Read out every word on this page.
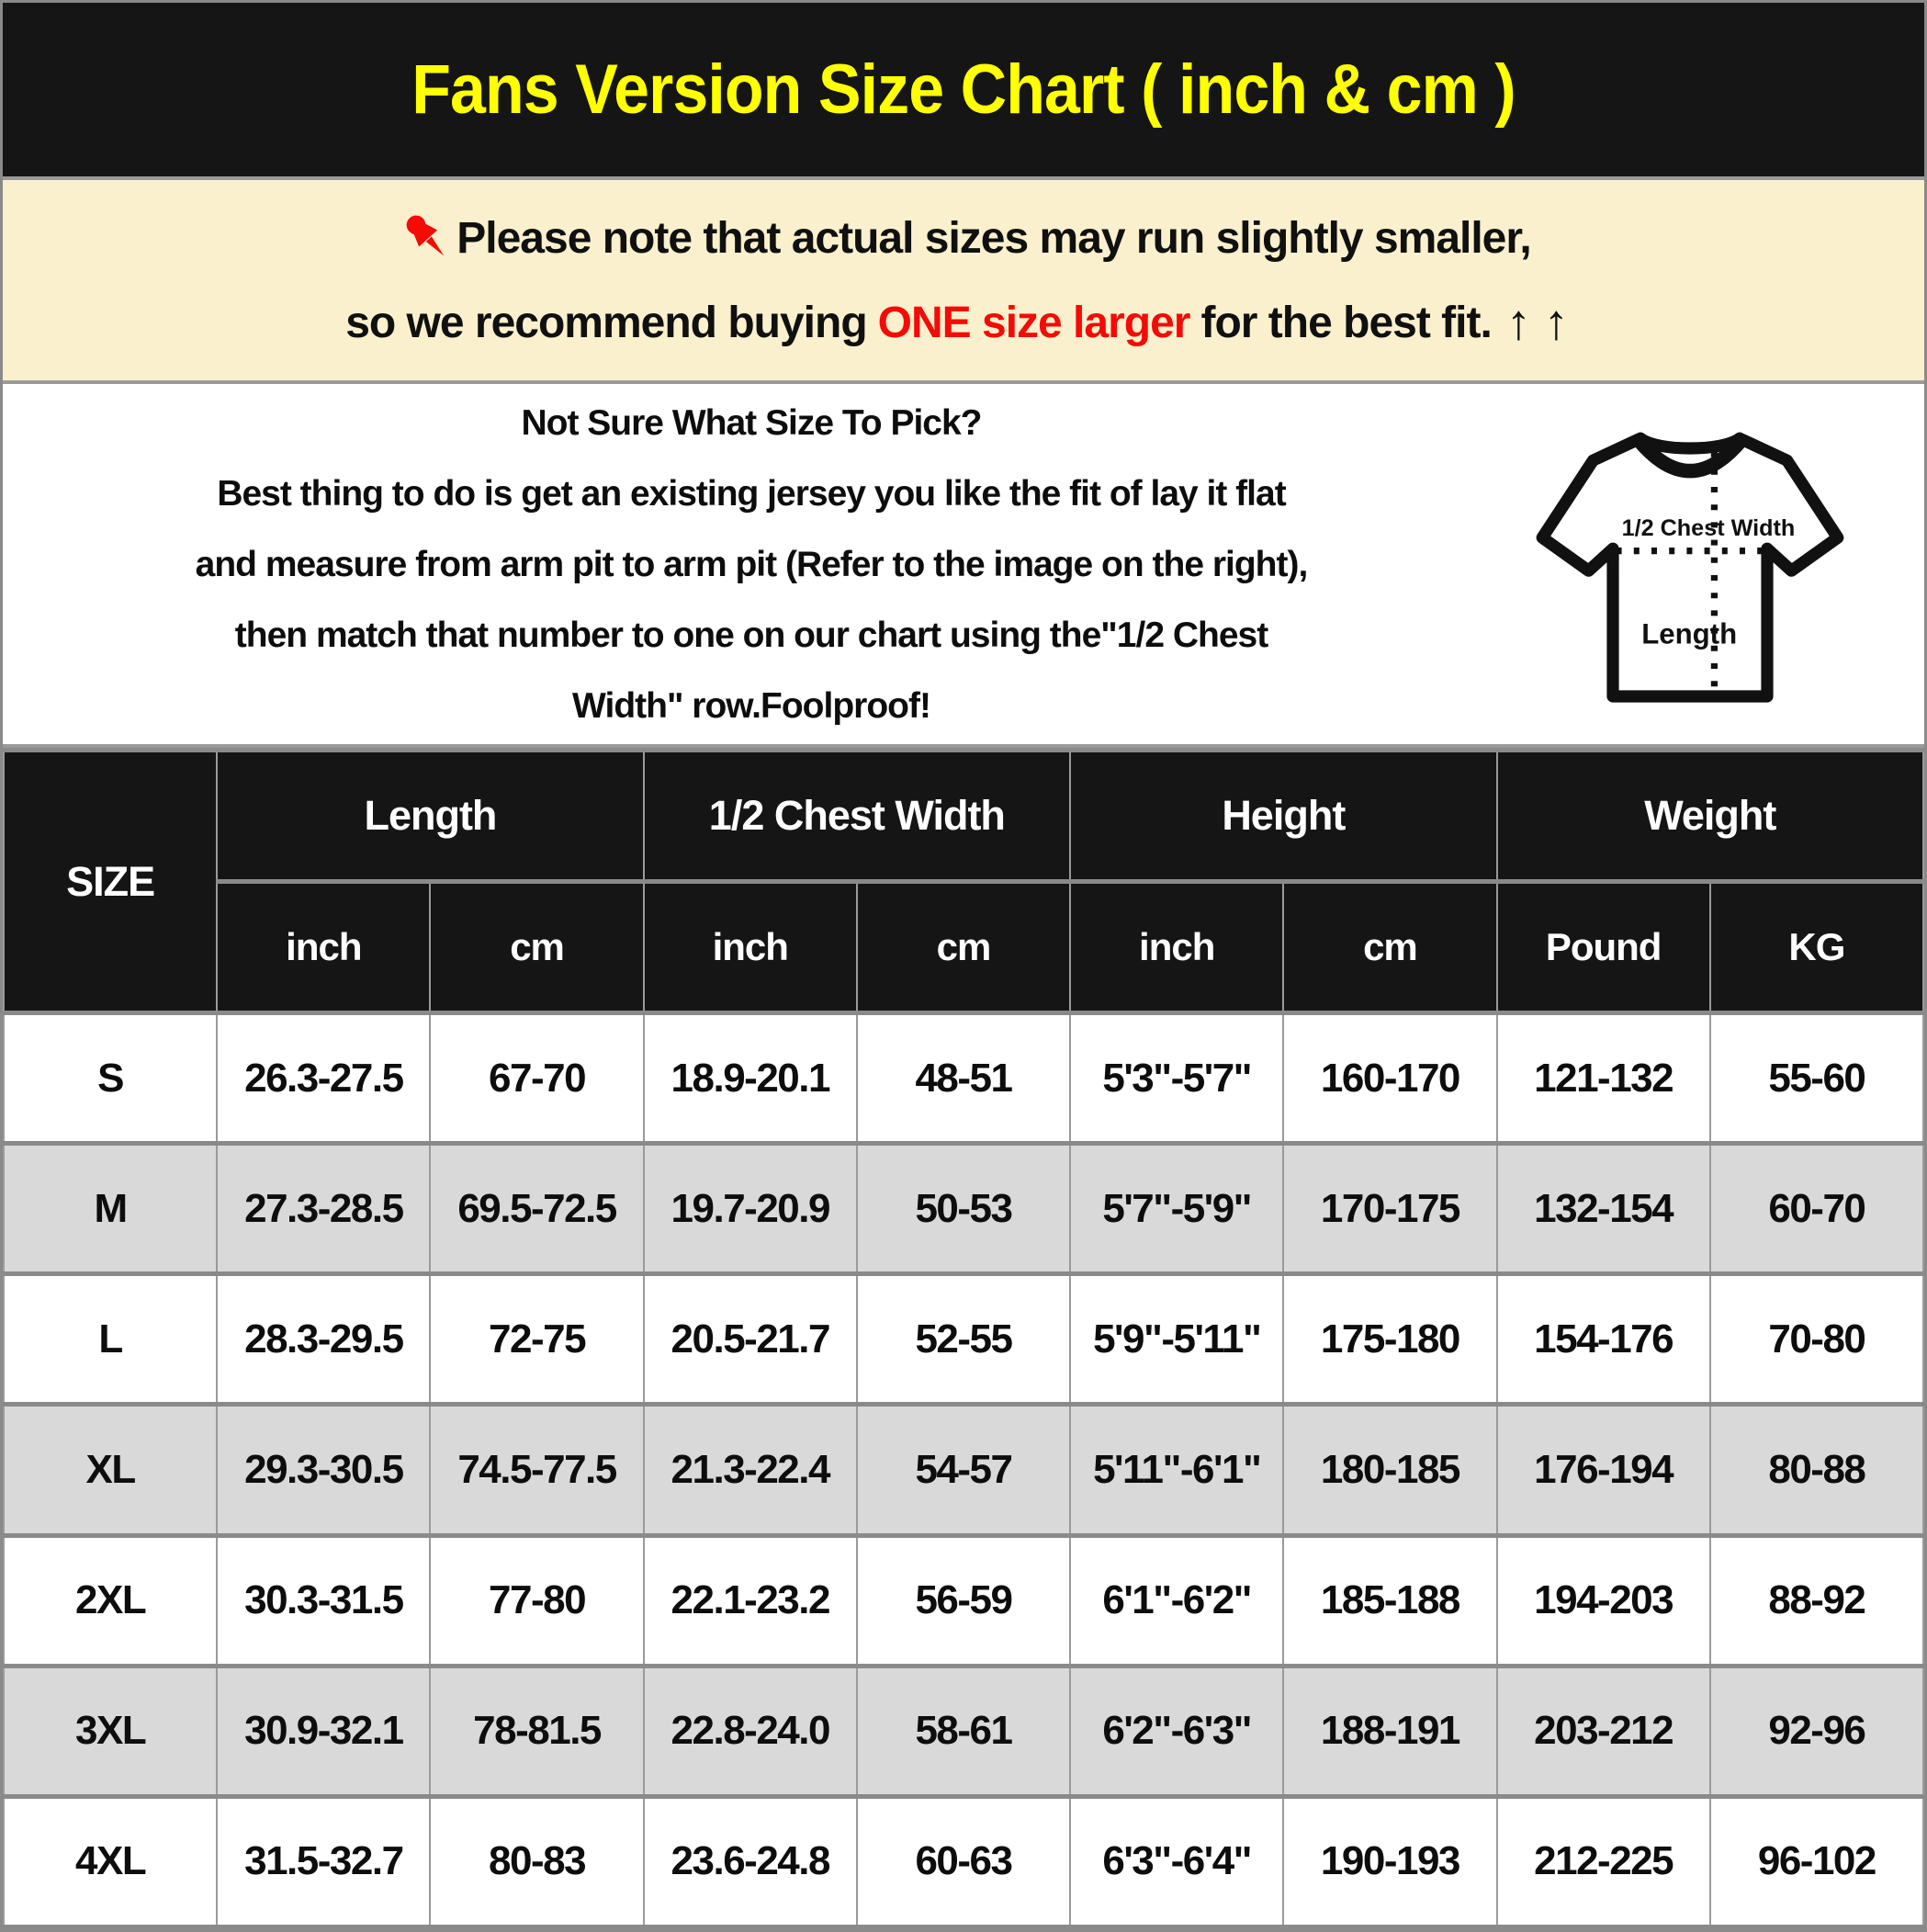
Fans Version Size Chart ( inch & cm )
Please note that actual sizes may run slightly smaller,
so we recommend buying ONE size larger for the best fit. ↑↑
Not Sure What Size To Pick?
Best thing to do is get an existing jersey you like the fit of lay it flat
and measure from arm pit to arm pit (Refer to the image on the right),
then match that number to one on our chart using the"1/2 Chest
Width" row.Foolproof!
1/2 Chest Width
Length
SIZE	Length		1/2 Chest Width		Height		Weight	
	inch	cm	inch	cm	inch	cm	Pound	KG
S	26.3-27.5	67-70	18.9-20.1	48-51	5'3"-5'7"	160-170	121-132	55-60
M	27.3-28.5	69.5-72.5	19.7-20.9	50-53	5'7"-5'9"	170-175	132-154	60-70
L	28.3-29.5	72-75	20.5-21.7	52-55	5'9"-5'11"	175-180	154-176	70-80
XL	29.3-30.5	74.5-77.5	21.3-22.4	54-57	5'11"-6'1"	180-185	176-194	80-88
2XL	30.3-31.5	77-80	22.1-23.2	56-59	6'1"-6'2"	185-188	194-203	88-92
3XL	30.9-32.1	78-81.5	22.8-24.0	58-61	6'2"-6'3"	188-191	203-212	92-96
4XL	31.5-32.7	80-83	23.6-24.8	60-63	6'3"-6'4"	190-193	212-225	96-102
